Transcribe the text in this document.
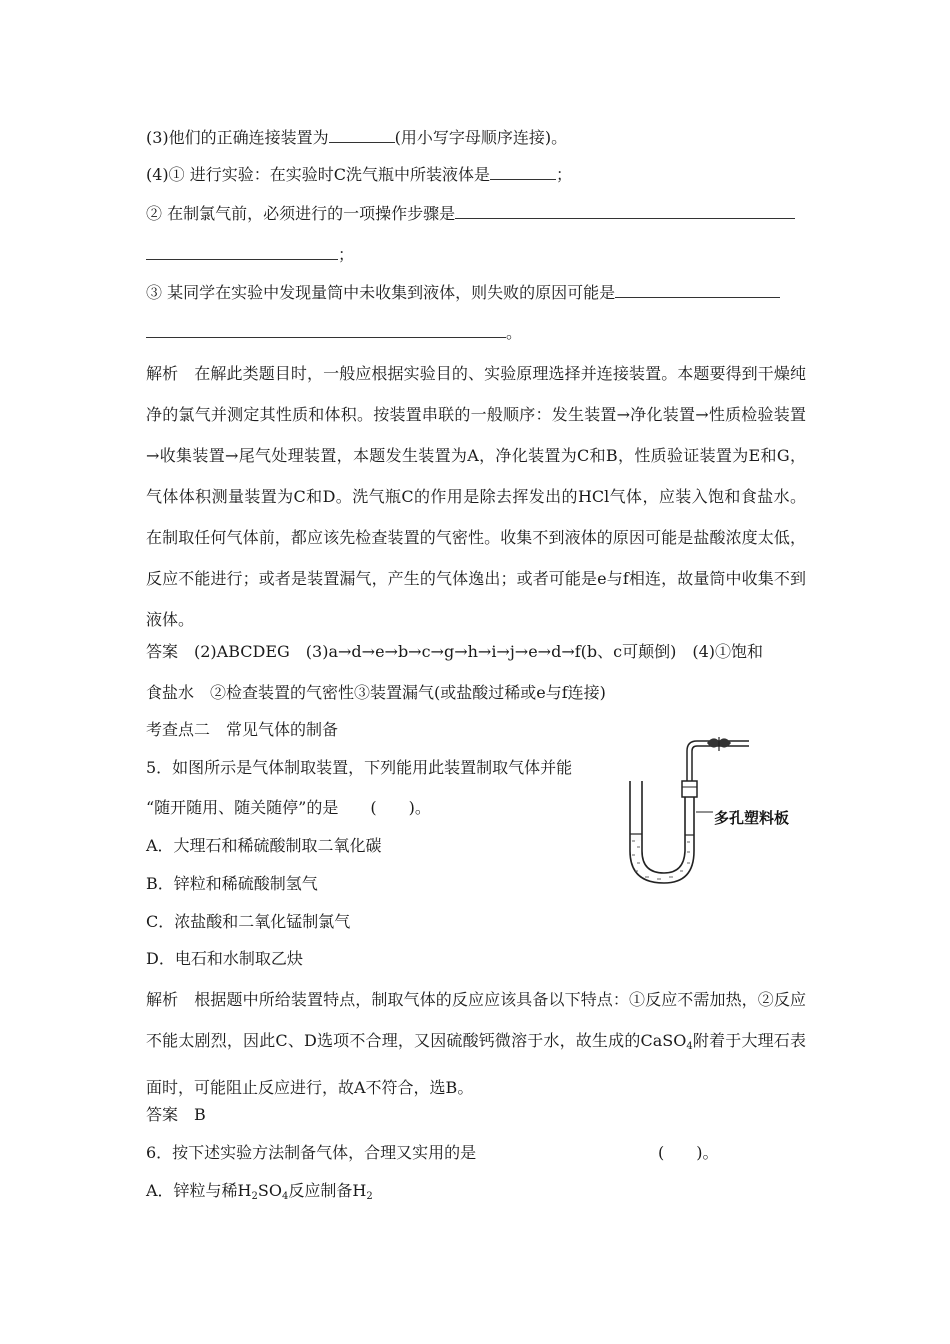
(3)他们的正确连接装置为	(用小写字母顺序连接)。
(4)① 进行实验：在实验时C洗气瓶中所装液体是	；
② 在制氯气前，必须进行的一项操作步骤是
；
③ 某同学在实验中发现量筒中未收集到液体，则失败的原因可能是
。
解析　在解此类题目时，一般应根据实验目的、实验原理选择并连接装置。本题要得到干燥纯净的氯气并测定其性质和体积。按装置串联的一般顺序：发生装置→净化装置→性质检验装置→收集装置→尾气处理装置，本题发生装置为A，净化装置为C和B，性质验证装置为E和G，气体体积测量装置为C和D。洗气瓶C的作用是除去挥发出的HCl气体，应装入饱和食盐水。在制取任何气体前，都应该先检查装置的气密性。收集不到液体的原因可能是盐酸浓度太低，反应不能进行；或者是装置漏气，产生的气体逸出；或者可能是e与f相连，故量筒中收集不到液体。
答案　(2)ABCDEG　(3)a→d→e→b→c→g→h→i→j→e→d→f(b、c可颠倒)　(4)①饱和
食盐水　②检查装置的气密性③装置漏气(或盐酸过稀或e与f连接)
考查点二　常见气体的制备
5．如图所示是气体制取装置，下列能用此装置制取气体并能
“随开随用、随关随停”的是　　(　　)。
A．大理石和稀硫酸制取二氧化碳
B．锌粒和稀硫酸制氢气
C．浓盐酸和二氧化锰制氯气
D．电石和水制取乙炔
多孔塑料板
解析　根据题中所给装置特点，制取气体的反应应该具备以下特点：①反应不需加热，②反应不能太剧烈，因此C、D选项不合理，又因硫酸钙微溶于水，故生成的CaSO$_4$附着于大理石表面时，可能阻止反应进行，故A不符合，选B。
答案　B
6．按下述实验方法制备气体，合理又实用的是	(　　)。
A．锌粒与稀$H_2SO_4$反应制备$H_2$
